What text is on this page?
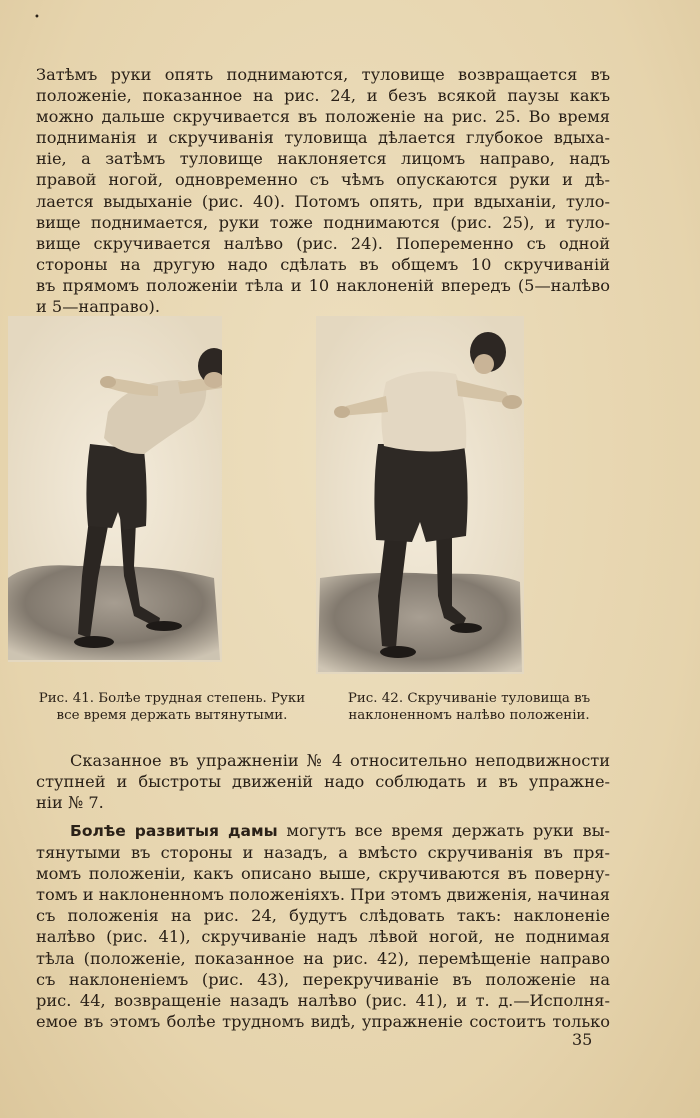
•
Затѣмъ руки опять поднимаются, туловище возвращается въ
положеніе, показанное на рис. 24, и безъ всякой паузы какъ
можно дальше скручивается въ положеніе на рис. 25. Во время
подниманія и скручиванія туловища дѣлается глубокое вдыха-
ніе, а затѣмъ туловище наклоняется лицомъ направо, надъ
правой ногой, одновременно съ чѣмъ опускаются руки и дѣ-
лается выдыханіе (рис. 40). Потомъ опять, при вдыханіи, туло-
вище поднимается, руки тоже поднимаются (рис. 25), и туло-
вище скручивается налѣво (рис. 24). Попеременно съ одной
стороны на другую надо сдѣлать въ общемъ 10 скручиваній
въ прямомъ положеніи тѣла и 10 наклоненій впередъ (5—налѣво
и 5—направо).
Рис. 41. Болѣе трудная степень. Руки
все время держать вытянутыми.
Рис. 42. Скручиваніе туловища въ
наклоненномъ налѣво положеніи.
Сказанное въ упражненіи № 4 относительно неподвижности
ступней и быстроты движеній надо соблюдать и въ упражне-
ніи № 7.
Болѣе развитыя дамы могутъ все время держать руки вы-
тянутыми въ стороны и назадъ, а вмѣсто скручиванія въ пря-
момъ положеніи, какъ описано выше, скручиваются въ поверну-
томъ и наклоненномъ положеніяхъ. При этомъ движенія, начиная
съ положенія на рис. 24, будутъ слѣдовать такъ: наклоненіе
налѣво (рис. 41), скручиваніе надъ лѣвой ногой, не поднимая
тѣла (положеніе, показанное на рис. 42), перемѣщеніе направо
съ наклоненіемъ (рис. 43), перекручиваніе въ положеніе на
рис. 44, возвращеніе назадъ налѣво (рис. 41), и т. д.—Исполня-
емое въ этомъ болѣе трудномъ видѣ, упражненіе состоитъ только
35
